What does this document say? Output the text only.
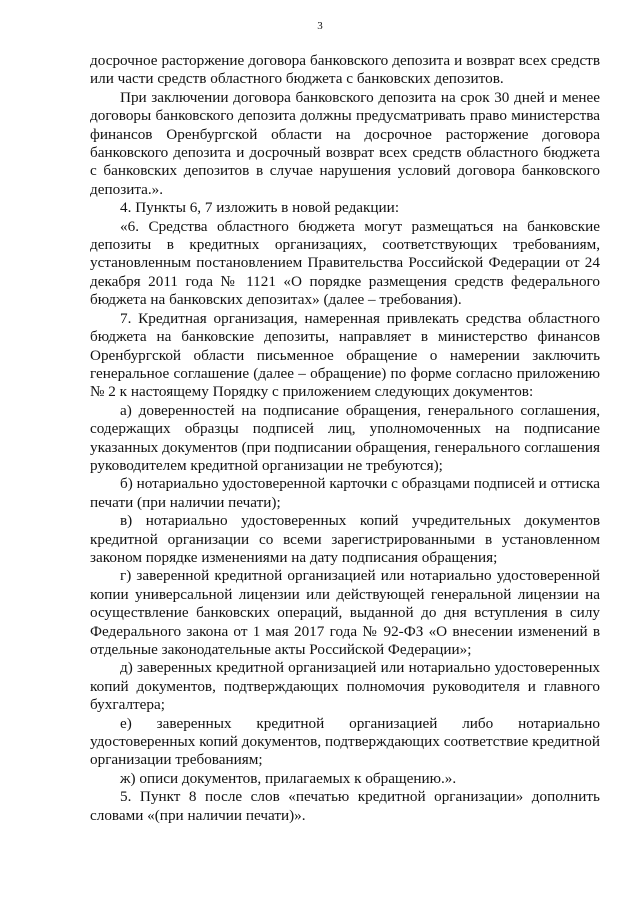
3

досрочное расторжение договора банковского депозита и возврат всех средств или части средств областного бюджета с банковских депозитов.

При заключении договора банковского депозита на срок 30 дней и менее договоры банковского депозита должны предусматривать право министерства финансов Оренбургской области на досрочное расторжение договора банковского депозита и досрочный возврат всех средств областного бюджета с банковских депозитов в случае нарушения условий договора банковского депозита.».

4. Пункты 6, 7 изложить в новой редакции:

«6. Средства областного бюджета могут размещаться на банковские депозиты в кредитных организациях, соответствующих требованиям, установленным постановлением Правительства Российской Федерации от 24 декабря 2011 года № 1121 «О порядке размещения средств федерального бюджета на банковских депозитах» (далее – требования).

7. Кредитная организация, намеренная привлекать средства областного бюджета на банковские депозиты, направляет в министерство финансов Оренбургской области письменное обращение о намерении заключить генеральное соглашение (далее – обращение) по форме согласно приложению № 2 к настоящему Порядку с приложением следующих документов:

а) доверенностей на подписание обращения, генерального соглашения, содержащих образцы подписей лиц, уполномоченных на подписание указанных документов (при подписании обращения, генерального соглашения руководителем кредитной организации не требуются);

б) нотариально удостоверенной карточки с образцами подписей и оттиска печати (при наличии печати);

в) нотариально удостоверенных копий учредительных документов кредитной организации со всеми зарегистрированными в установленном законом порядке изменениями на дату подписания обращения;

г) заверенной кредитной организацией или нотариально удостоверенной копии универсальной лицензии или действующей генеральной лицензии на осуществление банковских операций, выданной до дня вступления в силу Федерального закона от 1 мая 2017 года № 92-ФЗ «О внесении изменений в отдельные законодательные акты Российской Федерации»;

д) заверенных кредитной организацией или нотариально удостоверенных копий документов, подтверждающих полномочия руководителя и главного бухгалтера;

е) заверенных кредитной организацией либо нотариально удостоверенных копий документов, подтверждающих соответствие кредитной организации требованиям;

ж) описи документов, прилагаемых к обращению.».

5. Пункт 8 после слов «печатью кредитной организации» дополнить словами «(при наличии печати)».
